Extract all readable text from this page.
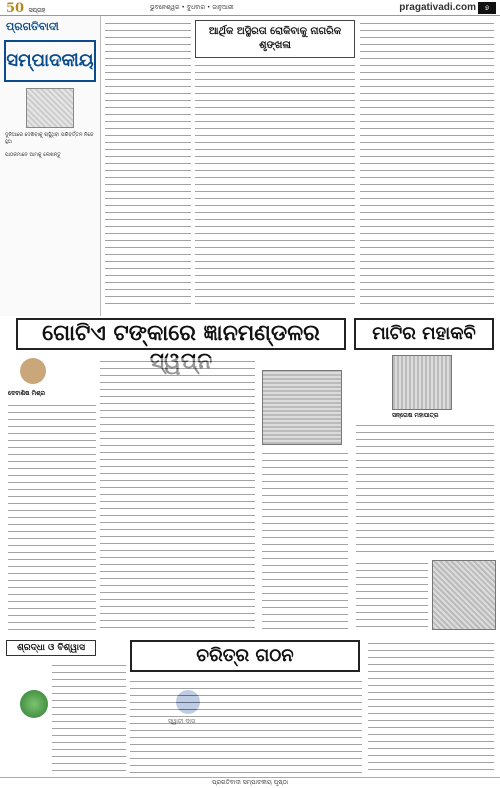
50 ସପ୍ତାହ	ଭୁବନେଶ୍ୱର • ବୁଧବାର • ଜାନୁଆରୀ	pragativadi.com	୭
ପ୍ରଗତିବାଦୀ
ସମ୍ପାଦକୀୟ
ଦୁନିଆରେ ଦେଖିବାକୁ ଚାହୁଁଥିବା ପରିବର୍ତ୍ତନ ନିଜେ ହୁଅ
ପାଠକମାନେ ଆମକୁ ଲେଖନ୍ତୁ
ଆର୍ଥିକ ଅସ୍ଥିରତା ରୋକିବାକୁ ନାଗରିକ ଶୃଙ୍ଖଳା
ଗୋଟିଏ ଟଙ୍କାରେ ଜ୍ଞାନମଣ୍ଡଳର	ମାଟିର ମହାକବି
ଦେବାଶିଷ ମିଶ୍ର
ସନ୍ତୋଷ ମହାପାତ୍ର
ଶ୍ରଦ୍ଧା ଓ ବିଶ୍ୱାସ	ଚରିତ୍ର ଗଠନ
ପ୍ରଗତିବାଦୀ ସମ୍ପାଦକୀୟ ପୃଷ୍ଠା
